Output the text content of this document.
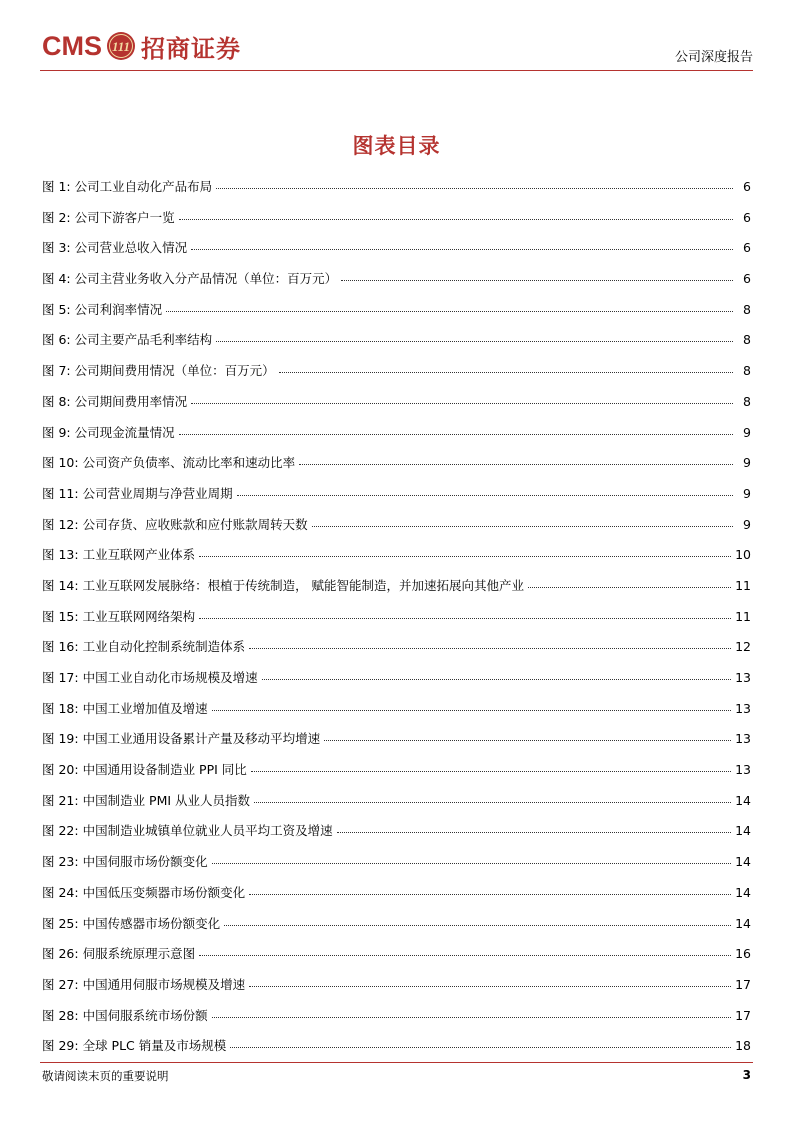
CMS 111 招商证券	公司深度报告
图表目录
图 1: 公司工业自动化产品布局	6
图 2: 公司下游客户一览	6
图 3: 公司营业总收入情况	6
图 4: 公司主营业务收入分产品情况（单位：百万元）	6
图 5: 公司利润率情况	8
图 6: 公司主要产品毛利率结构	8
图 7: 公司期间费用情况（单位：百万元）	8
图 8: 公司期间费用率情况	8
图 9: 公司现金流量情况	9
图 10: 公司资产负债率、流动比率和速动比率	9
图 11: 公司营业周期与净营业周期	9
图 12: 公司存货、应收账款和应付账款周转天数	9
图 13: 工业互联网产业体系	10
图 14: 工业互联网发展脉络：根植于传统制造， 赋能智能制造，并加速拓展向其他产业	11
图 15: 工业互联网网络架构	11
图 16: 工业自动化控制系统制造体系	12
图 17: 中国工业自动化市场规模及增速	13
图 18: 中国工业增加值及增速	13
图 19: 中国工业通用设备累计产量及移动平均增速	13
图 20: 中国通用设备制造业 PPI 同比	13
图 21: 中国制造业 PMI 从业人员指数	14
图 22: 中国制造业城镇单位就业人员平均工资及增速	14
图 23: 中国伺服市场份额变化	14
图 24: 中国低压变频器市场份额变化	14
图 25: 中国传感器市场份额变化	14
图 26: 伺服系统原理示意图	16
图 27: 中国通用伺服市场规模及增速	17
图 28: 中国伺服系统市场份额	17
图 29: 全球 PLC 销量及市场规模	18
敬请阅读末页的重要说明	3
